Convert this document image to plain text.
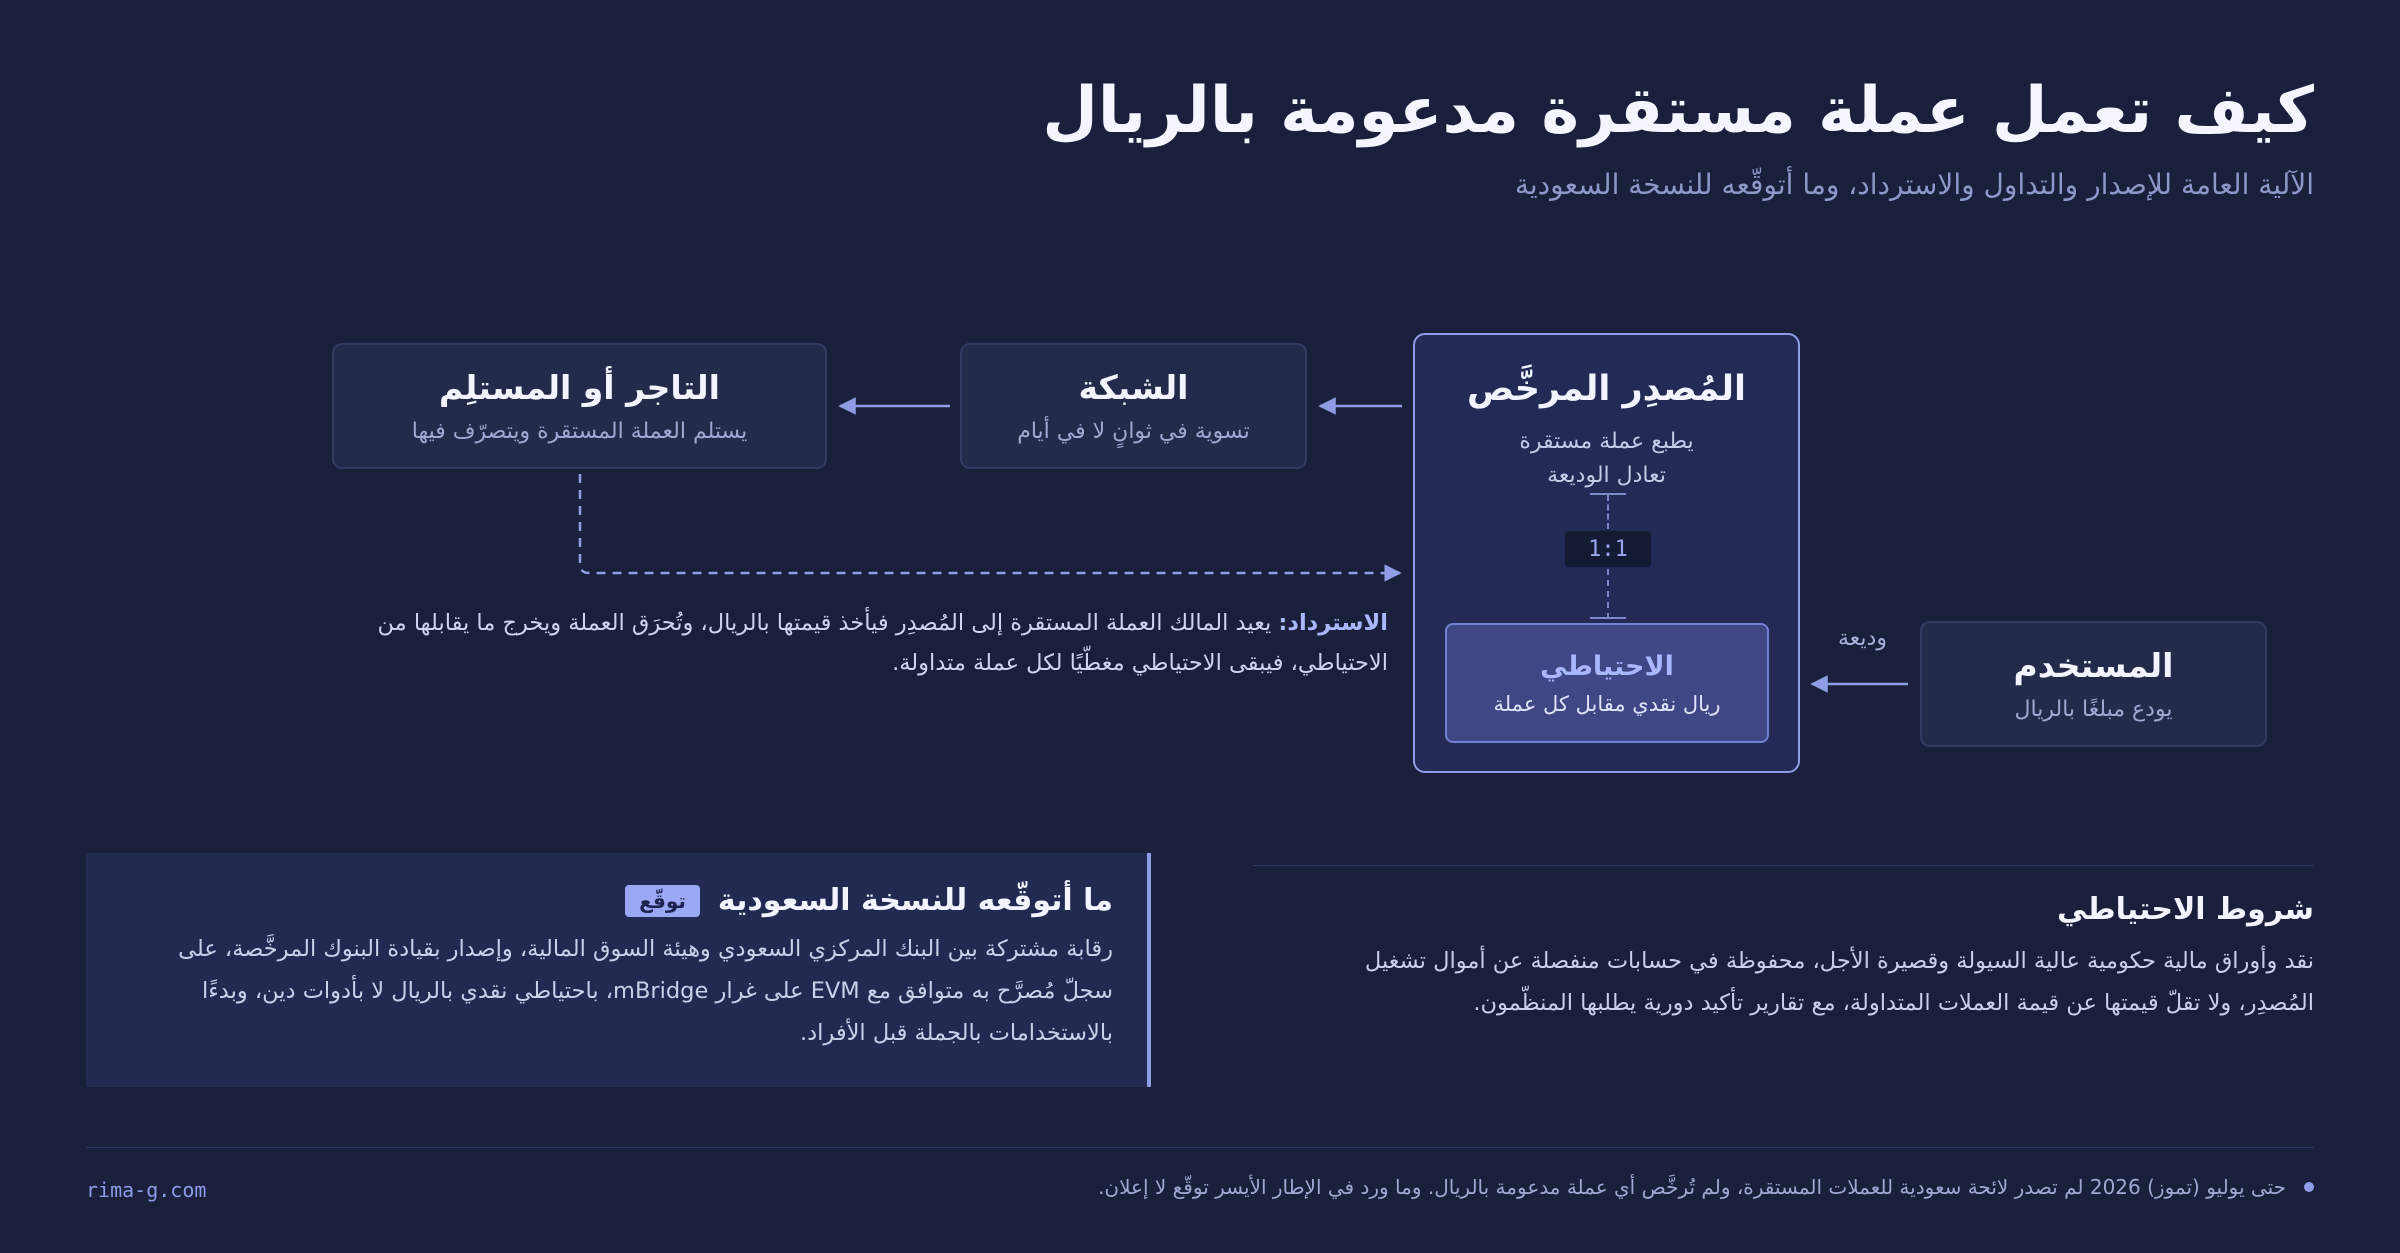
كيف تعمل عملة مستقرة مدعومة بالريال
الآلية العامة للإصدار والتداول والاسترداد، وما أتوقّعه للنسخة السعودية
التاجر أو المستلِم
يستلم العملة المستقرة ويتصرّف فيها
الشبكة
تسوية في ثوانٍ لا في أيام
المُصدِر المرخَّص
يطبع عملة مستقرة
تعادل الوديعة
1:1
الاحتياطي
ريال نقدي مقابل كل عملة
وديعة
المستخدم
يودع مبلغًا بالريال

الاسترداد: يعيد المالك العملة المستقرة إلى المُصدِر فيأخذ قيمتها بالريال، وتُحرَق العملة ويخرج ما يقابلها من الاحتياطي، فيبقى الاحتياطي مغطّيًا لكل عملة متداولة.

شروط الاحتياطي

نقد وأوراق مالية حكومية عالية السيولة وقصيرة الأجل، محفوظة في حسابات منفصلة عن أموال تشغيل المُصدِر، ولا تقلّ قيمتها عن قيمة العملات المتداولة، مع تقارير تأكيد دورية يطلبها المنظّمون.

ما أتوقّعه للنسخة السعودية
توقّع

رقابة مشتركة بين البنك المركزي السعودي وهيئة السوق المالية، وإصدار بقيادة البنوك المرخَّصة، على سجلّ مُصرَّح به متوافق مع EVM على غرار mBridge، باحتياطي نقدي بالريال لا بأدوات دين، وبدءًا بالاستخدامات بالجملة قبل الأفراد.

rima-g.com	حتى يوليو (تموز) 2026 لم تصدر لائحة سعودية للعملات المستقرة، ولم تُرخَّص أي عملة مدعومة بالريال. وما ورد في الإطار الأيسر توقّع لا إعلان.
